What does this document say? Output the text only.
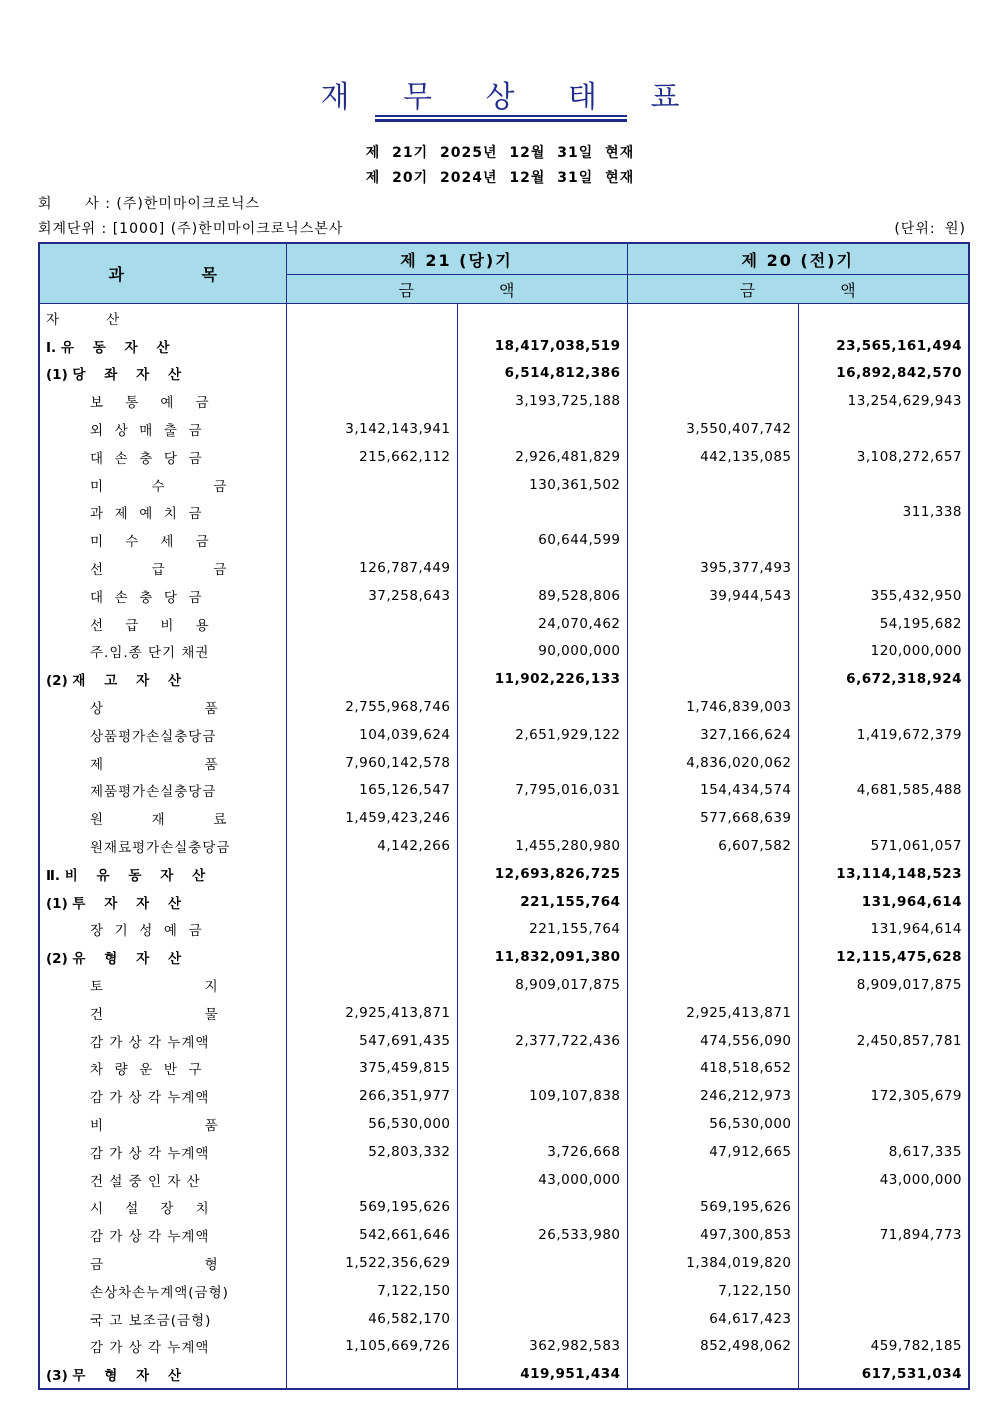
재 무 상 태 표
제 21기 2025년 12월 31일 현재
제 20기 2024년 12월 31일 현재
회      사 : (주)한미마이크로닉스
회계단위 : [1000] (주)한미마이크로닉스본사	(단위: 원)
과 목	제 21 (당)기		제 20 (전)기	
	금 액		금 액	

자           산				

Ⅰ. 유    동    자    산		18,417,038,519		23,565,161,494

(1) 당    좌    자    산		6,514,812,386		16,892,842,570

보    통    예    금		3,193,725,188		13,254,629,943

외  상  매  출  금	3,142,143,941		3,550,407,742	

대  손  충  당  금	215,662,112	2,926,481,829	442,135,085	3,108,272,657

미         수         금		130,361,502		

과  제  예  치  금				311,338

미    수    세    금		60,644,599		

선         급         금	126,787,449		395,377,493	

대  손  충  당  금	37,258,643	89,528,806	39,944,543	355,432,950

선    급    비    용		24,070,462		54,195,682

주.임.종 단기 채권		90,000,000		120,000,000

(2) 재    고    자    산		11,902,226,133		6,672,318,924

상                   품	2,755,968,746		1,746,839,003	

상품평가손실충당금	104,039,624	2,651,929,122	327,166,624	1,419,672,379

제                   품	7,960,142,578		4,836,020,062	

제품평가손실충당금	165,126,547	7,795,016,031	154,434,574	4,681,585,488

원         재         료	1,459,423,246		577,668,639	

원재료평가손실충당금	4,142,266	1,455,280,980	6,607,582	571,061,057

Ⅱ. 비    유    동    자    산		12,693,826,725		13,114,148,523

(1) 투    자    자    산		221,155,764		131,964,614

장  기  성  예  금		221,155,764		131,964,614

(2) 유    형    자    산		11,832,091,380		12,115,475,628

토                   지		8,909,017,875		8,909,017,875

건                   물	2,925,413,871		2,925,413,871	

감 가 상 각 누계액	547,691,435	2,377,722,436	474,556,090	2,450,857,781

차  량  운  반  구	375,459,815		418,518,652	

감 가 상 각 누계액	266,351,977	109,107,838	246,212,973	172,305,679

비                   품	56,530,000		56,530,000	

감 가 상 각 누계액	52,803,332	3,726,668	47,912,665	8,617,335

건 설 중 인 자 산		43,000,000		43,000,000

시    설    장    치	569,195,626		569,195,626	

감 가 상 각 누계액	542,661,646	26,533,980	497,300,853	71,894,773

금                   형	1,522,356,629		1,384,019,820	

손상차손누계액(금형)	7,122,150		7,122,150	

국 고 보조금(금형)	46,582,170		64,617,423	

감 가 상 각 누계액	1,105,669,726	362,982,583	852,498,062	459,782,185

(3) 무    형    자    산		419,951,434		617,531,034
